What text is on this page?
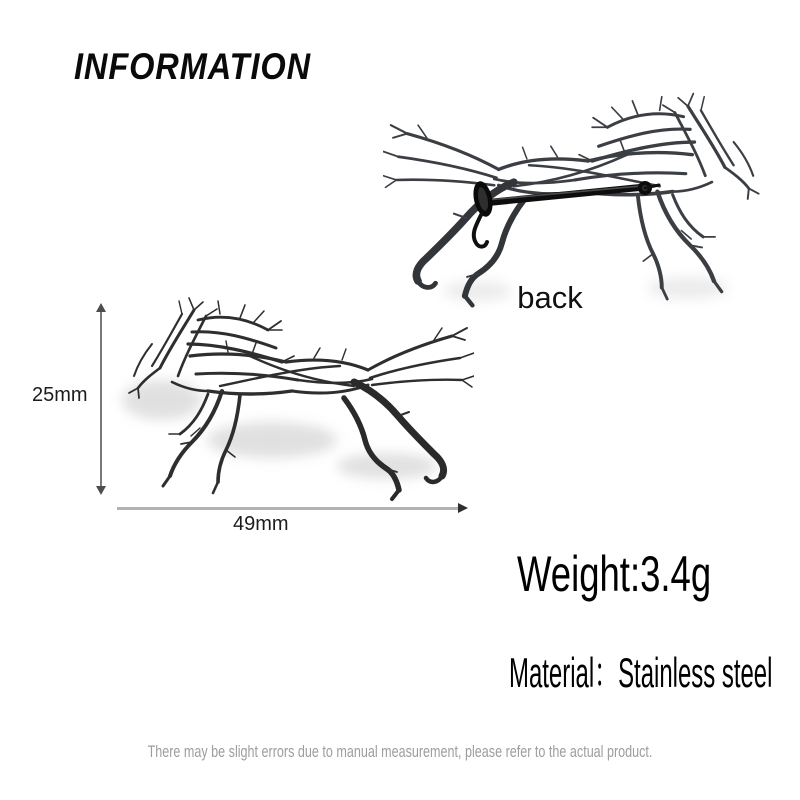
INFORMATION
back
25mm
49mm
Weight:3.4g
Material：Stainless steel
There may be slight errors due to manual measurement, please refer to the actual product.
